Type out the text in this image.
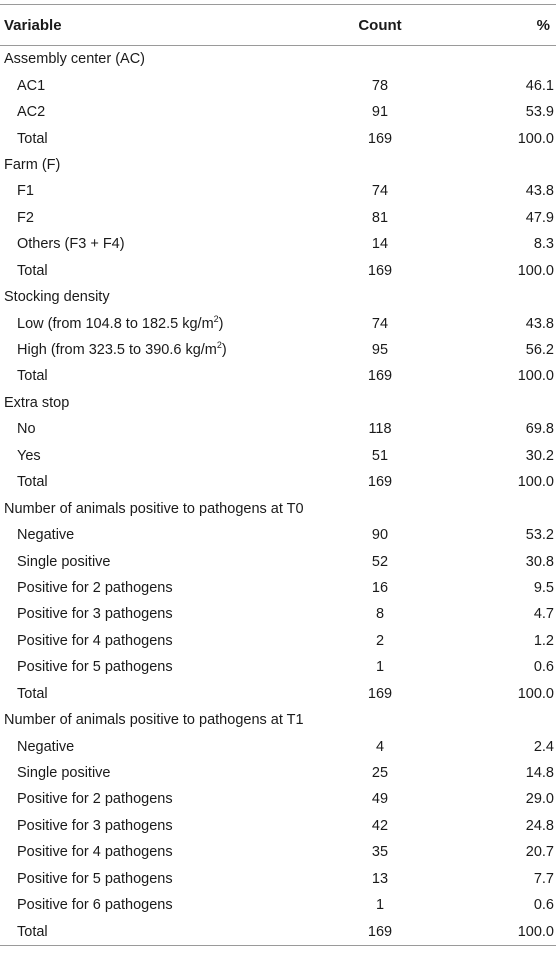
Variable	Count	%
Assembly center (AC)
AC1	78	46.1
AC2	91	53.9
Total	169	100.0
Farm (F)
F1	74	43.8
F2	81	47.9
Others (F3 + F4)	14	8.3
Total	169	100.0
Stocking density
Low (from 104.8 to 182.5 $kg/m^2$)	74	43.8
High (from 323.5 to 390.6 $kg/m^2$)	95	56.2
Total	169	100.0
Extra stop
No	118	69.8
Yes	51	30.2
Total	169	100.0
Number of animals positive to pathogens at T0
Negative	90	53.2
Single positive	52	30.8
Positive for 2 pathogens	16	9.5
Positive for 3 pathogens	8	4.7
Positive for 4 pathogens	2	1.2
Positive for 5 pathogens	1	0.6
Total	169	100.0
Number of animals positive to pathogens at T1
Negative	4	2.4
Single positive	25	14.8
Positive for 2 pathogens	49	29.0
Positive for 3 pathogens	42	24.8
Positive for 4 pathogens	35	20.7
Positive for 5 pathogens	13	7.7
Positive for 6 pathogens	1	0.6
Total	169	100.0
